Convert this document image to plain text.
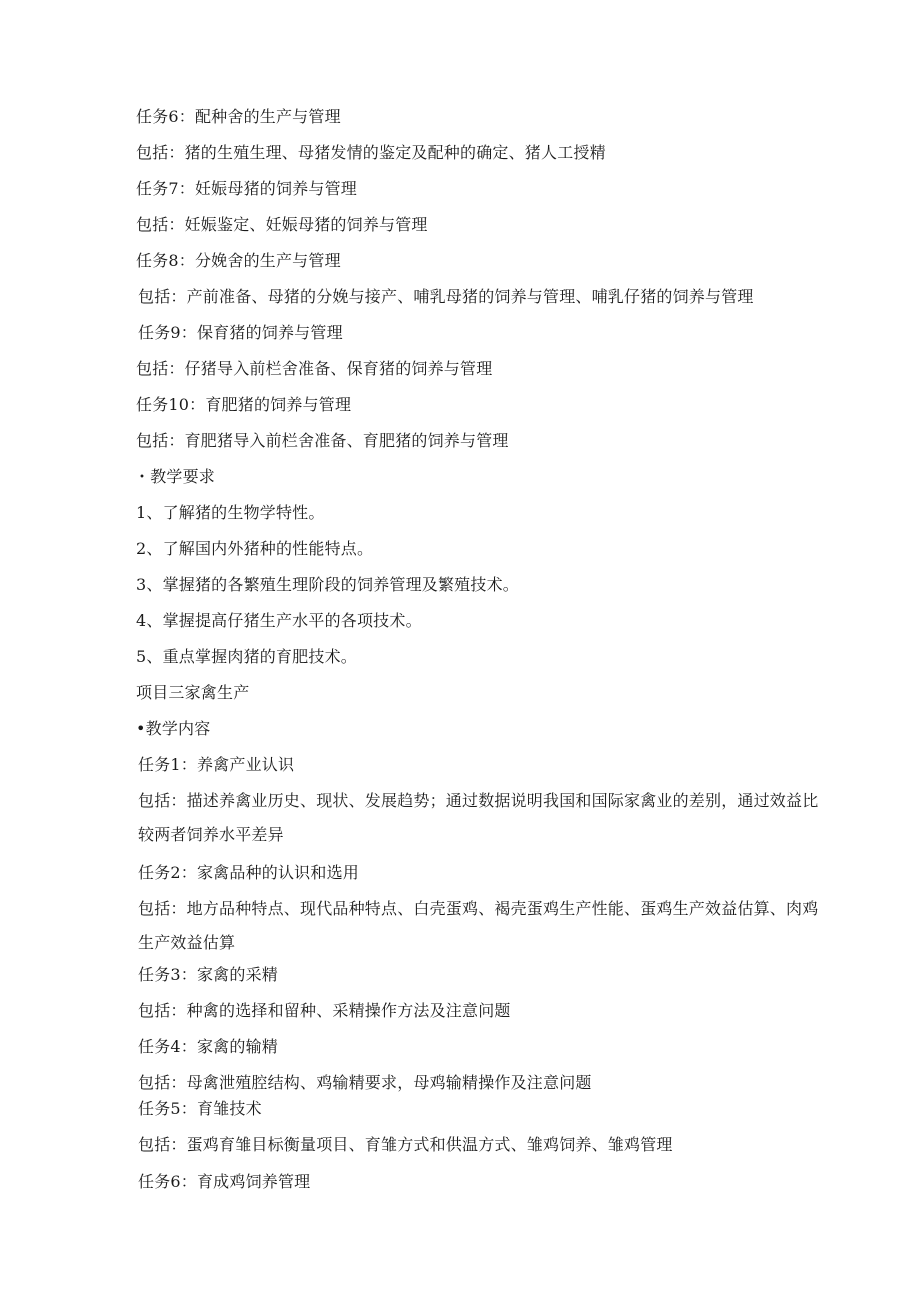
任务6：配种舍的生产与管理
包括：猪的生殖生理、母猪发情的鉴定及配种的确定、猪人工授精
任务7：妊娠母猪的饲养与管理
包括：妊娠鉴定、妊娠母猪的饲养与管理
任务8：分娩舍的生产与管理
包括：产前准备、母猪的分娩与接产、哺乳母猪的饲养与管理、哺乳仔猪的饲养与管理
任务9：保育猪的饲养与管理
包括：仔猪导入前栏舍准备、保育猪的饲养与管理
任务10：育肥猪的饲养与管理
包括：育肥猪导入前栏舍准备、育肥猪的饲养与管理
・教学要求
1、了解猪的生物学特性。
2、了解国内外猪种的性能特点。
3、掌握猪的各繁殖生理阶段的饲养管理及繁殖技术。
4、掌握提高仔猪生产水平的各项技术。
5、重点掌握肉猪的育肥技术。
项目三家禽生产
•教学内容
任务1：养禽产业认识
包括：描述养禽业历史、现状、发展趋势；通过数据说明我国和国际家禽业的差别，通过效益比较两者饲养水平差异
任务2：家禽品种的认识和选用
包括：地方品种特点、现代品种特点、白壳蛋鸡、褐壳蛋鸡生产性能、蛋鸡生产效益估算、肉鸡生产效益估算
任务3：家禽的采精
包括：种禽的选择和留种、采精操作方法及注意问题
任务4：家禽的输精
包括：母禽泄殖腔结构、鸡输精要求，母鸡输精操作及注意问题
任务5：育雏技术
包括：蛋鸡育雏目标衡量项目、育雏方式和供温方式、雏鸡饲养、雏鸡管理
任务6：育成鸡饲养管理
